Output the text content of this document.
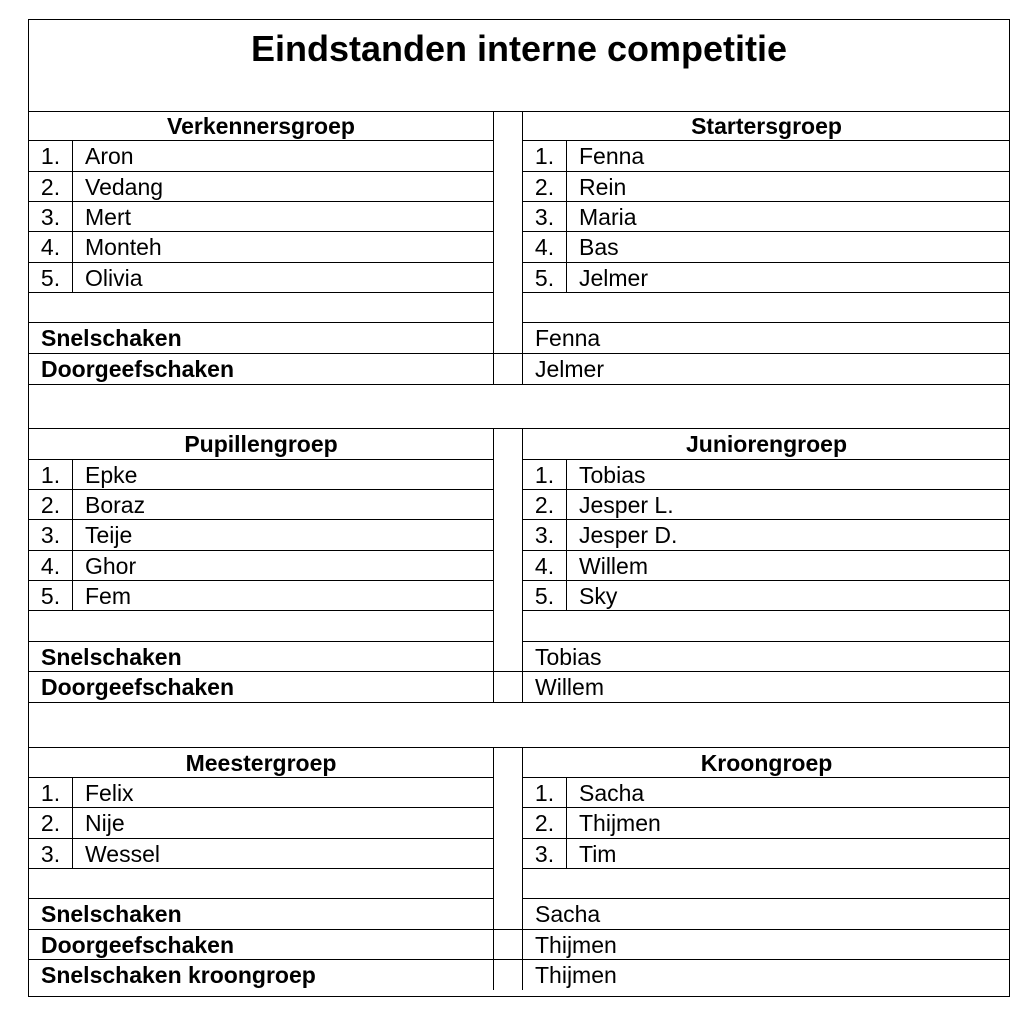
Eindstanden interne competitie
Verkennersgroep
1.	Aron
2.	Vedang
3.	Mert
4.	Monteh
5.	Olivia
Startersgroep
1.	Fenna
2.	Rein
3.	Maria
4.	Bas
5.	Jelmer
Snelschaken	Fenna
Doorgeefschaken	Jelmer
Pupillengroep
1.	Epke
2.	Boraz
3.	Teije
4.	Ghor
5.	Fem
Juniorengroep
1.	Tobias
2.	Jesper L.
3.	Jesper D.
4.	Willem
5.	Sky
Snelschaken	Tobias
Doorgeefschaken	Willem
Meestergroep
1.	Felix
2.	Nije
3.	Wessel
Kroongroep
1.	Sacha
2.	Thijmen
3.	Tim
Snelschaken	Sacha
Doorgeefschaken	Thijmen
Snelschaken kroongroep	Thijmen
